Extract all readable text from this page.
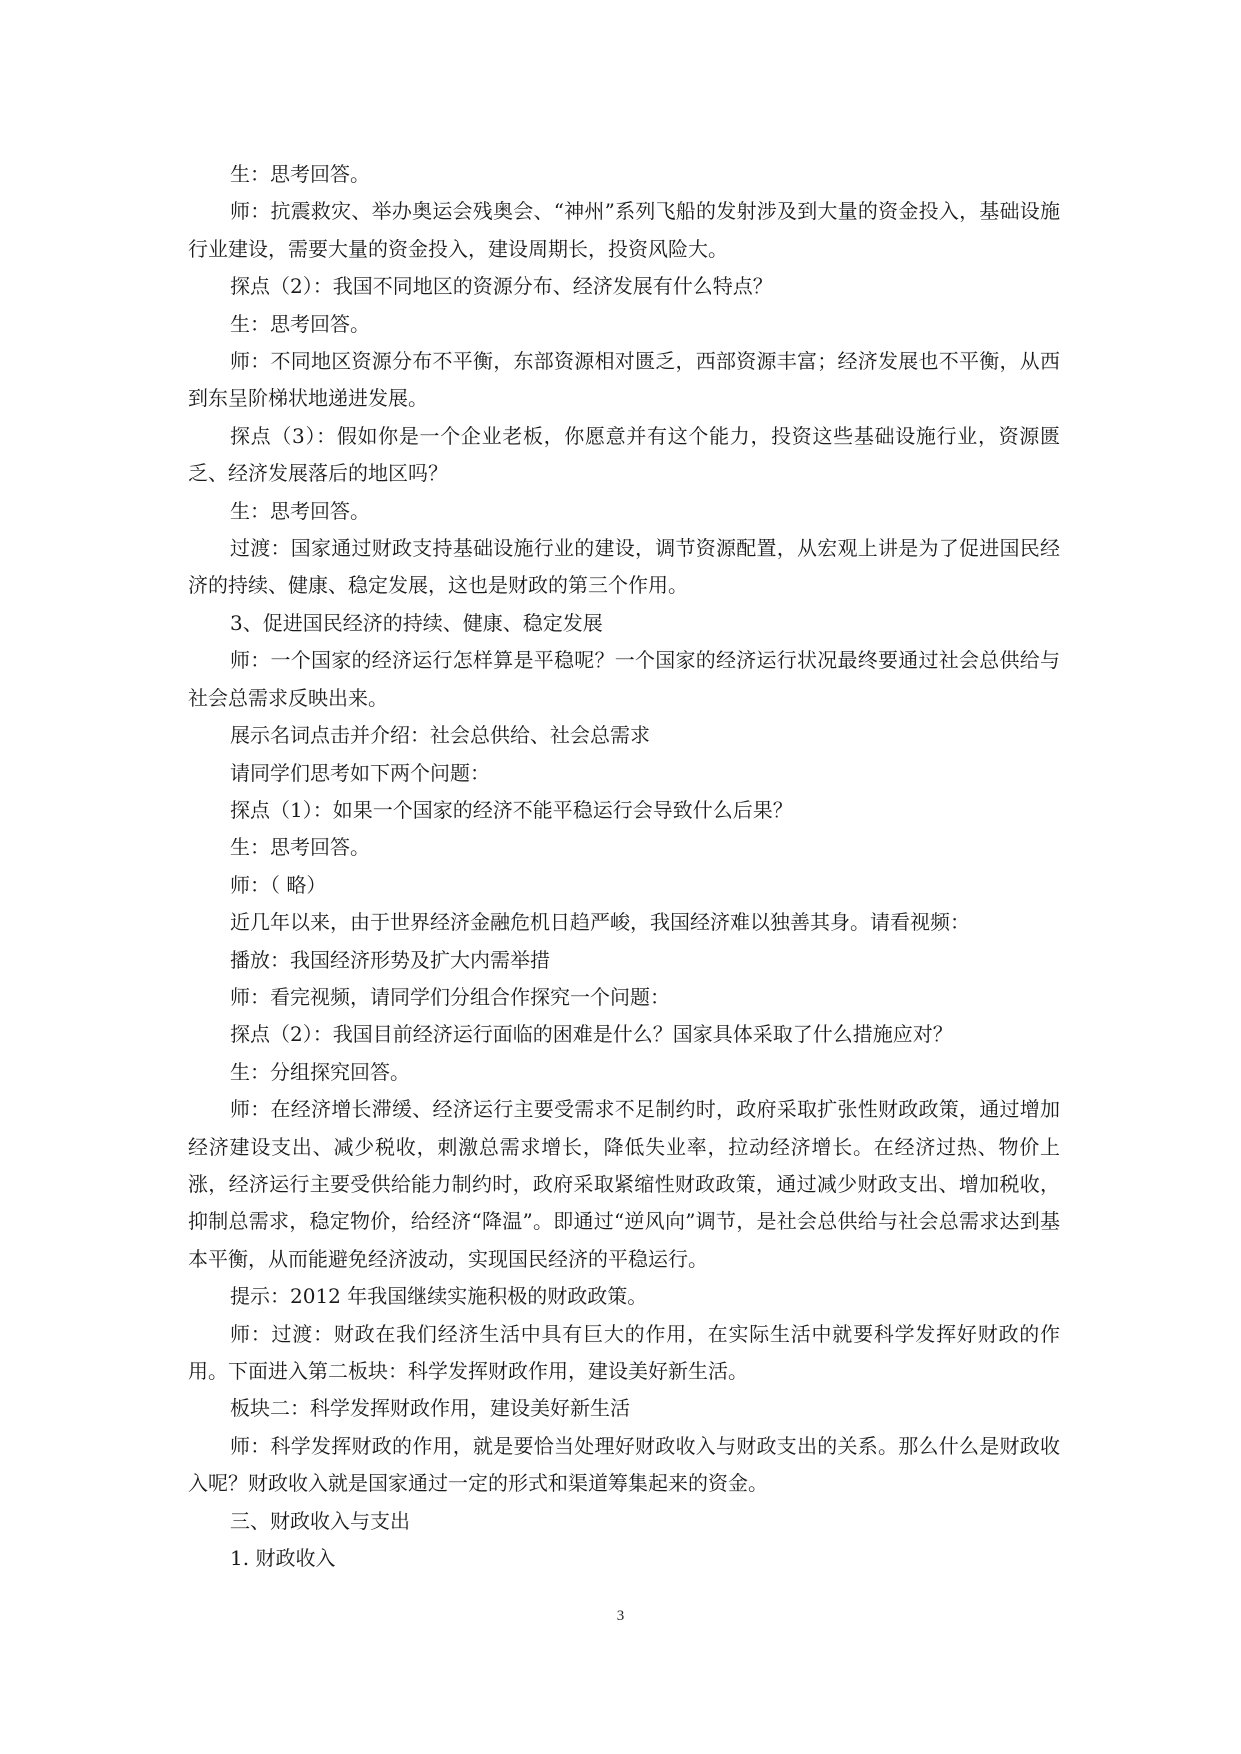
生：思考回答。

师：抗震救灾、举办奥运会残奥会、“神州”系列飞船的发射涉及到大量的资金投入，基础设施行业建设，需要大量的资金投入，建设周期长，投资风险大。

探点（2）：我国不同地区的资源分布、经济发展有什么特点？

生：思考回答。

师：不同地区资源分布不平衡，东部资源相对匮乏，西部资源丰富；经济发展也不平衡，从西到东呈阶梯状地递进发展。

探点（3）：假如你是一个企业老板，你愿意并有这个能力，投资这些基础设施行业，资源匮乏、经济发展落后的地区吗？

生：思考回答。

过渡：国家通过财政支持基础设施行业的建设，调节资源配置，从宏观上讲是为了促进国民经济的持续、健康、稳定发展，这也是财政的第三个作用。

3、促进国民经济的持续、健康、稳定发展

师：一个国家的经济运行怎样算是平稳呢？一个国家的经济运行状况最终要通过社会总供给与社会总需求反映出来。

展示名词点击并介绍：社会总供给、社会总需求

请同学们思考如下两个问题：

探点（1）：如果一个国家的经济不能平稳运行会导致什么后果？

生：思考回答。

师：（ 略）

近几年以来，由于世界经济金融危机日趋严峻，我国经济难以独善其身。请看视频：

播放：我国经济形势及扩大内需举措

师：看完视频，请同学们分组合作探究一个问题：

探点（2）：我国目前经济运行面临的困难是什么？国家具体采取了什么措施应对？

生：分组探究回答。

师：在经济增长滞缓、经济运行主要受需求不足制约时，政府采取扩张性财政政策，通过增加经济建设支出、减少税收，刺激总需求增长，降低失业率，拉动经济增长。在经济过热、物价上涨，经济运行主要受供给能力制约时，政府采取紧缩性财政政策，通过减少财政支出、增加税收，抑制总需求，稳定物价，给经济“降温”。即通过“逆风向”调节，是社会总供给与社会总需求达到基本平衡，从而能避免经济波动，实现国民经济的平稳运行。

提示：2012 年我国继续实施积极的财政政策。

师：过渡：财政在我们经济生活中具有巨大的作用，在实际生活中就要科学发挥好财政的作用。下面进入第二板块：科学发挥财政作用，建设美好新生活。

板块二：科学发挥财政作用，建设美好新生活

师：科学发挥财政的作用，就是要恰当处理好财政收入与财政支出的关系。那么什么是财政收入呢？财政收入就是国家通过一定的形式和渠道筹集起来的资金。

三、财政收入与支出

1. 财政收入

3
